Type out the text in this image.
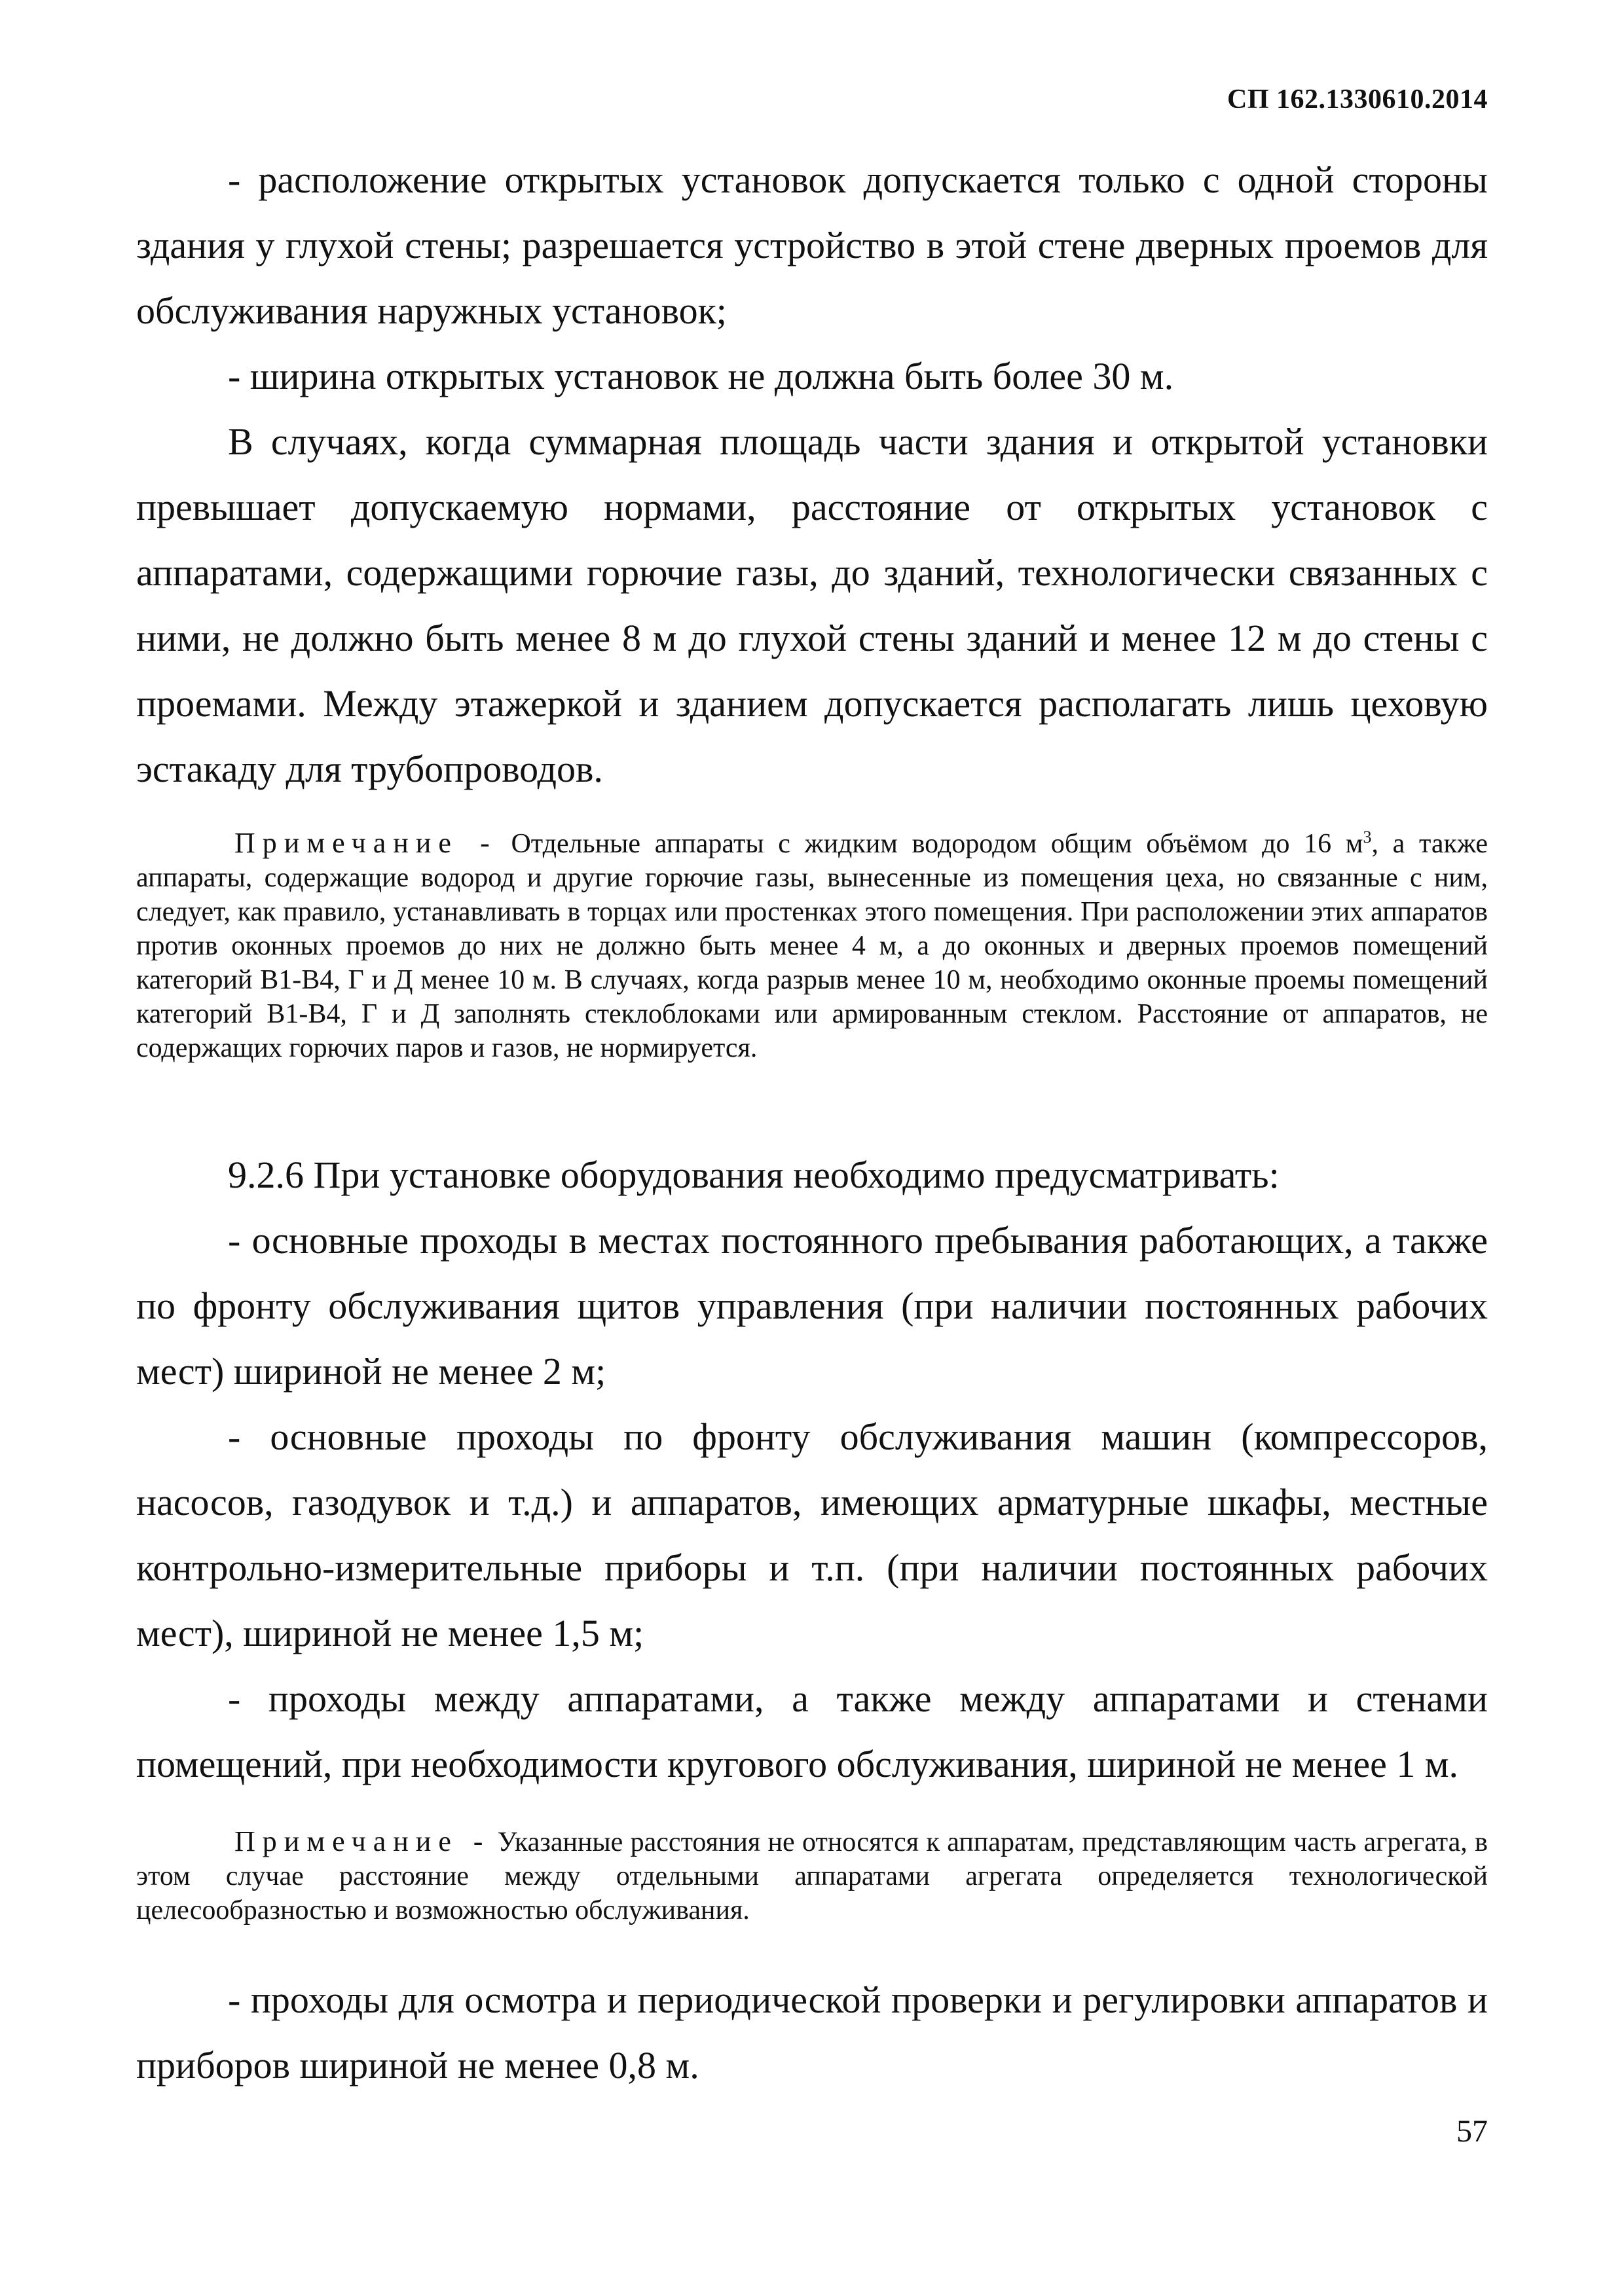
СП 162.1330610.2014

- расположение открытых установок допускается только с одной стороны здания у глухой стены; разрешается устройство в этой стене дверных проемов для обслуживания наружных установок;

- ширина открытых установок не должна быть более 30 м.

В случаях, когда суммарная площадь части здания и открытой установки превышает допускаемую нормами, расстояние от открытых установок с аппаратами, содержащими горючие газы, до зданий, технологически связанных с ними, не должно быть менее 8 м до глухой стены зданий и менее 12 м до стены с проемами. Между этажеркой и зданием допускается располагать лишь цеховую эстакаду для трубопроводов.

Примечание - Отдельные аппараты с жидким водородом общим объёмом до 16 $м^3$, а также аппараты, содержащие водород и другие горючие газы, вынесенные из помещения цеха, но связанные с ним, следует, как правило, устанавливать в торцах или простенках этого помещения. При расположении этих аппаратов против оконных проемов до них не должно быть менее 4 м, а до оконных и дверных проемов помещений категорий В1-В4, Г и Д менее 10 м. В случаях, когда разрыв менее 10 м, необходимо оконные проемы помещений категорий В1-В4, Г и Д заполнять стеклоблоками или армированным стеклом. Расстояние от аппаратов, не содержащих горючих паров и газов, не нормируется.

9.2.6 При установке оборудования необходимо предусматривать:

- основные проходы в местах постоянного пребывания работающих, а также по фронту обслуживания щитов управления (при наличии постоянных рабочих мест) шириной не менее 2 м;

- основные проходы по фронту обслуживания машин (компрессоров, насосов, газодувок и т.д.) и аппаратов, имеющих арматурные шкафы, местные контрольно-измерительные приборы и т.п. (при наличии постоянных рабочих мест), шириной не менее 1,5 м;

- проходы между аппаратами, а также между аппаратами и стенами помещений, при необходимости кругового обслуживания, шириной не менее 1 м.

Примечание - Указанные расстояния не относятся к аппаратам, представляющим часть агрегата, в этом случае расстояние между отдельными аппаратами агрегата определяется технологической целесообразностью и возможностью обслуживания.

- проходы для осмотра и периодической проверки и регулировки аппаратов и приборов шириной не менее 0,8 м.

57
